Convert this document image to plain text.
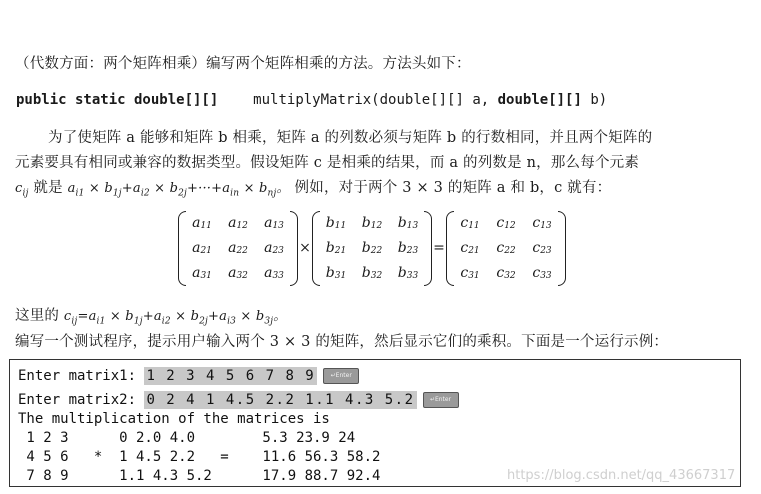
（代数方面：两个矩阵相乘）编写两个矩阵相乘的方法。方法头如下：
public static double[][] multiplyMatrix(double[][] a, double[][] b)
为了使矩阵 a 能够和矩阵 b 相乘，矩阵 a 的列数必须与矩阵 b 的行数相同，并且两个矩阵的
元素要具有相同或兼容的数据类型。假设矩阵 c 是相乘的结果，而 a 的列数是 n，那么每个元素
$c_{ij}$ 就是 $a_{i1} \times b_{1j}+a_{i2} \times b_{2j}+\cdot\cdot\cdot+a_{in} \times b_{nj}$。 例如，对于两个 3 × 3 的矩阵 a 和 b，c 就有：
a 11	a 12	a 13
a 21	a 22	a 23
a 31	a 32	a 33
×
b 11	b 12	b 13
b 21	b 22	b 23
b 31	b 32	b 33
=
c 11	c 12	c 13
c 21	c 22	c 23
c 31	c 32	c 33
这里的 $c_{ij}=a_{i1} \times b_{1j}+a_{i2} \times b_{2j}+a_{i3} \times b_{3j}$。
编写一个测试程序，提示用户输入两个 3 × 3 的矩阵，然后显示它们的乘积。下面是一个运行示例：
Enter matrix1: 1 2 3 4 5 6 7 8 9	↵Enter
Enter matrix2: 0 2 4 1 4.5 2.2 1.1 4.3 5.2	↵Enter
The multiplication of the matrices is
1 2 3      0 2.0 4.0        5.3 23.9 24
4 5 6   *  1 4.5 2.2   =    11.6 56.3 58.2
7 8 9      1.1 4.3 5.2      17.9 88.7 92.4	https://blog.csdn.net/qq_43667317
